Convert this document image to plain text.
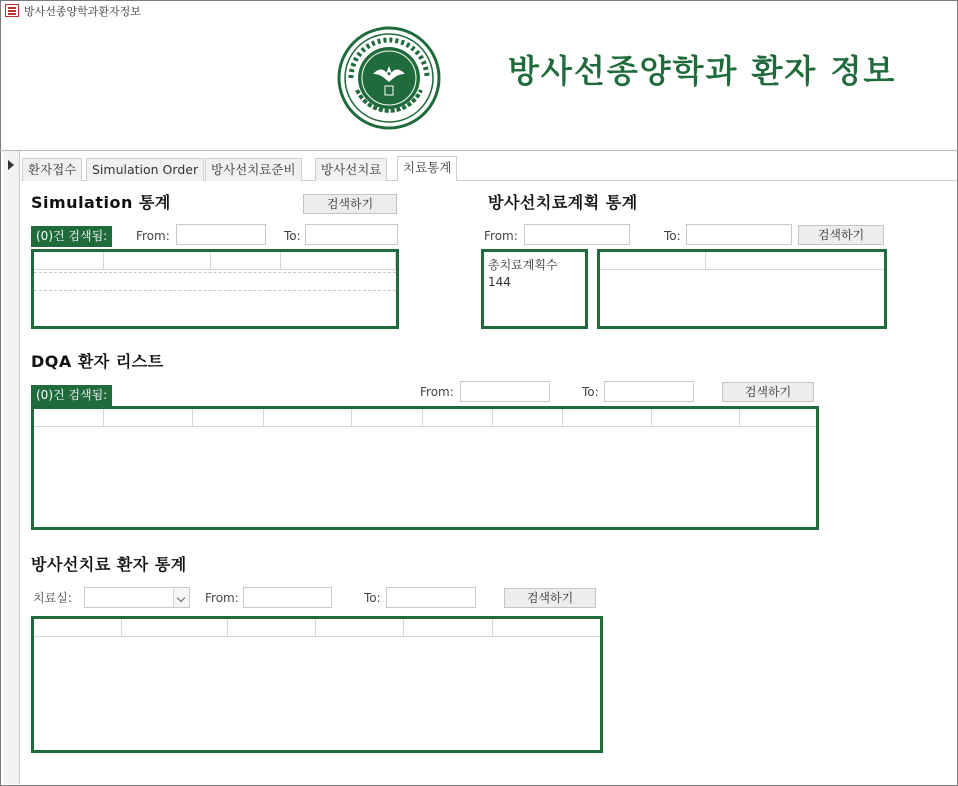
방사선종양학과환자정보
방사선종양학과 환자 정보
환자접수	Simulation Order	방사선치료준비	방사선치료	치료통계
Simulation 통계	검색하기
(0)건 검색됨:	From:	To:
방사선치료계획 통계
From:	To:	검색하기
총치료계획수
144
DQA 환자 리스트
From:	To:	검색하기
(0)건 검색됨:
방사선치료 환자 통계
치료실:	From:	To:	검색하기
